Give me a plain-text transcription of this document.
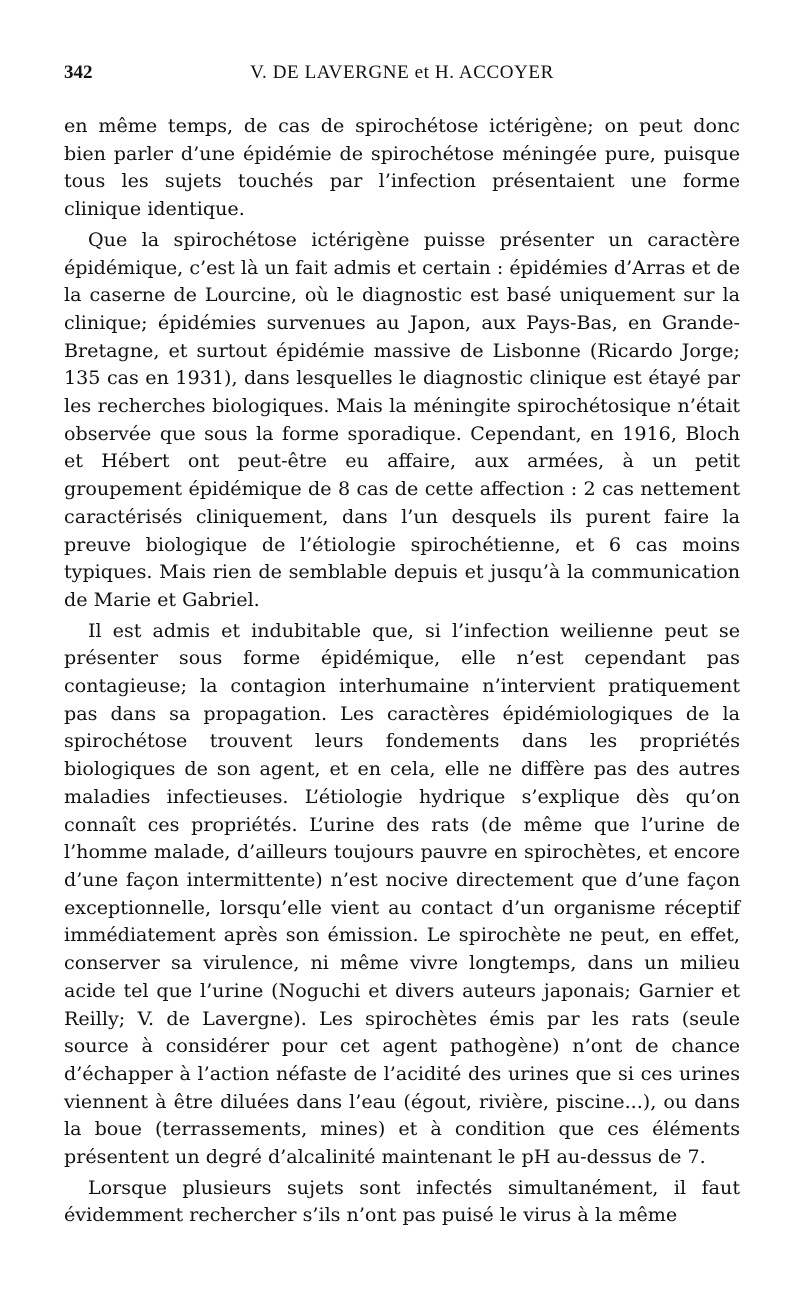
342	V. DE LAVERGNE et H. ACCOYER

en même temps, de cas de spirochétose ictérigène; on peut donc bien parler d’une épidémie de spirochétose méningée pure, puisque tous les sujets touchés par l’infection présentaient une forme clinique identique.

Que la spirochétose ictérigène puisse présenter un caractère épidémique, c’est là un fait admis et certain : épidémies d’Arras et de la caserne de Lourcine, où le diagnostic est basé uniquement sur la clinique; épidémies survenues au Japon, aux Pays-Bas, en Grande-Bretagne, et surtout épidémie massive de Lisbonne (Ricardo Jorge; 135 cas en 1931), dans lesquelles le diagnostic clinique est étayé par les recherches biologiques. Mais la méningite spirochétosique n’était observée que sous la forme sporadique. Cependant, en 1916, Bloch et Hébert ont peut-être eu affaire, aux armées, à un petit groupement épidémique de 8 cas de cette affection : 2 cas nettement caractérisés cliniquement, dans l’un desquels ils purent faire la preuve biologique de l’étiologie spirochétienne, et 6 cas moins typiques. Mais rien de semblable depuis et jusqu’à la communication de Marie et Gabriel.

Il est admis et indubitable que, si l’infection weilienne peut se présenter sous forme épidémique, elle n’est cependant pas contagieuse; la contagion interhumaine n’intervient pratiquement pas dans sa propagation. Les caractères épidémiologiques de la spirochétose trouvent leurs fondements dans les propriétés biologiques de son agent, et en cela, elle ne diffère pas des autres maladies infectieuses. L’étiologie hydrique s’explique dès qu’on connaît ces propriétés. L’urine des rats (de même que l’urine de l’homme malade, d’ailleurs toujours pauvre en spirochètes, et encore d’une façon intermittente) n’est nocive directement que d’une façon exceptionnelle, lorsqu’elle vient au contact d’un organisme réceptif immédiatement après son émission. Le spirochète ne peut, en effet, conserver sa virulence, ni même vivre longtemps, dans un milieu acide tel que l’urine (Noguchi et divers auteurs japonais; Garnier et Reilly; V. de Lavergne). Les spirochètes émis par les rats (seule source à considérer pour cet agent pathogène) n’ont de chance d’échapper à l’action néfaste de l’acidité des urines que si ces urines viennent à être diluées dans l’eau (égout, rivière, piscine...), ou dans la boue (terrassements, mines) et à condition que ces éléments présentent un degré d’alcalinité maintenant le pH au-dessus de 7.

Lorsque plusieurs sujets sont infectés simultanément, il faut évidemment rechercher s’ils n’ont pas puisé le virus à la même
